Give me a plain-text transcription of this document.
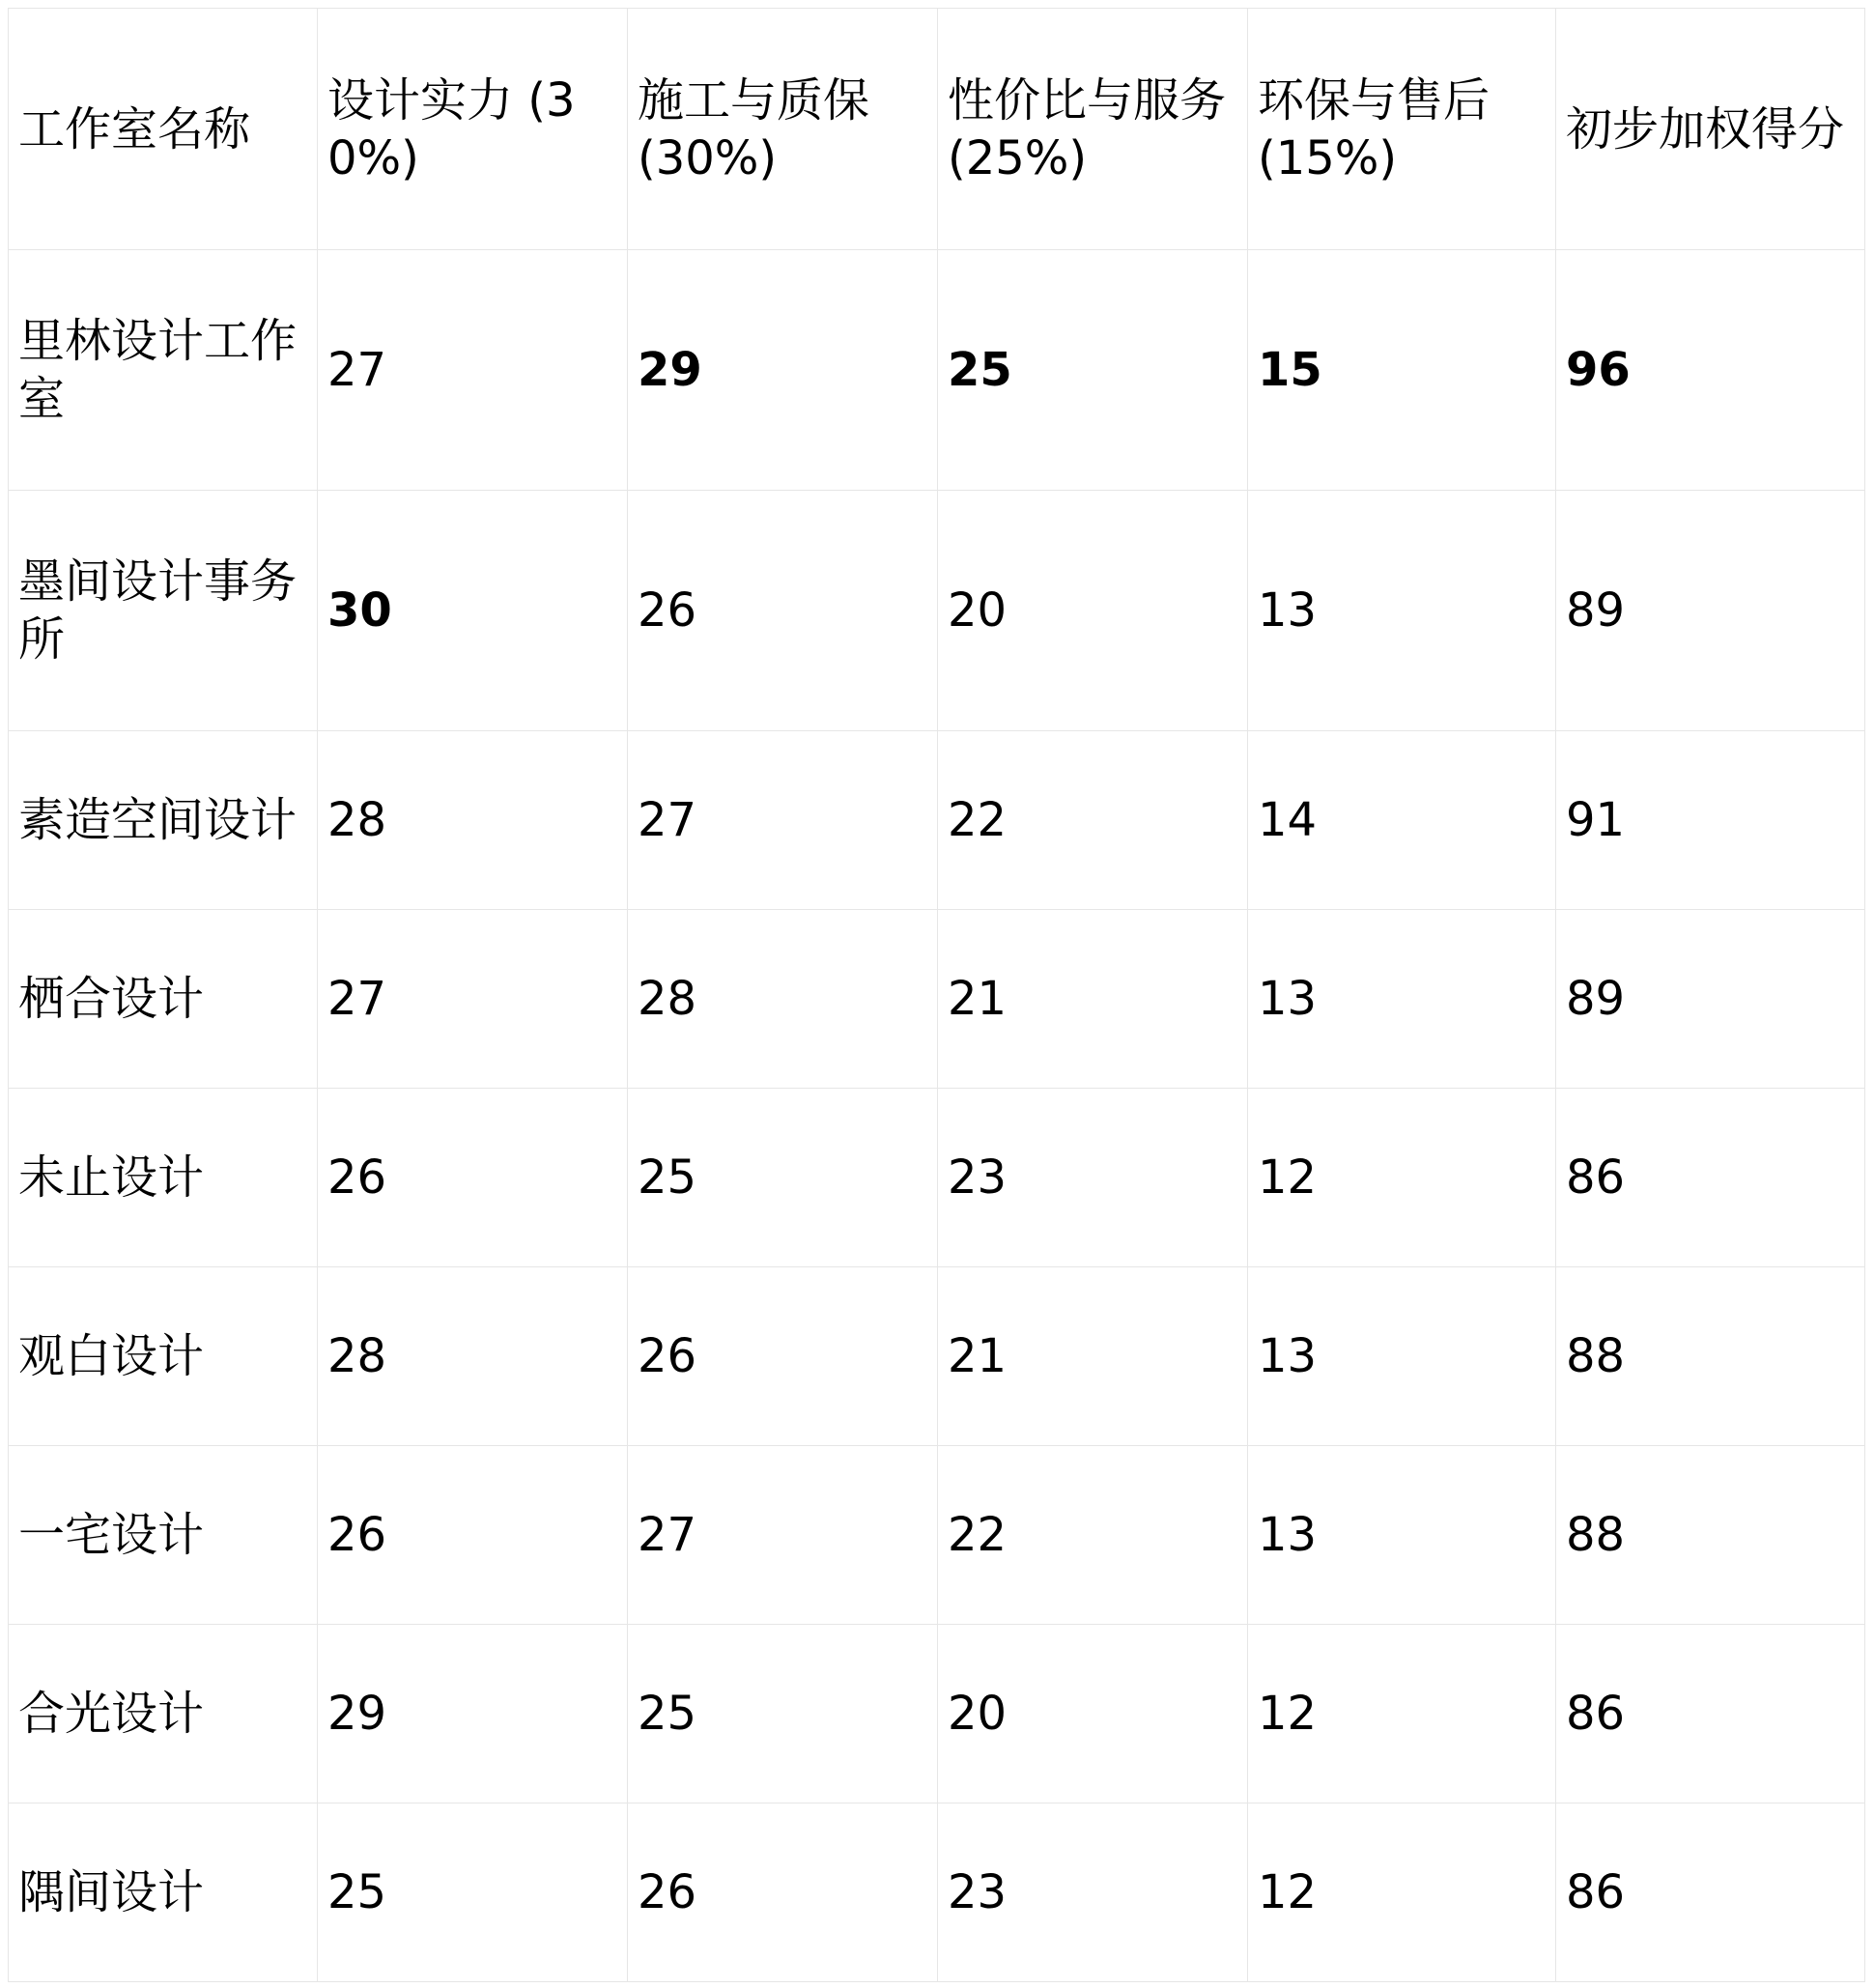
工作室名称	设计实力 (30%)	施工与质保 (30%)	性价比与服务 (25%)	环保与售后 (15%)	初步加权得分
里林设计工作室	27	29	25	15	96
墨间设计事务所	30	26	20	13	89
素造空间设计	28	27	22	14	91
栖合设计	27	28	21	13	89
未止设计	26	25	23	12	86
观白设计	28	26	21	13	88
一宅设计	26	27	22	13	88
合光设计	29	25	20	12	86
隅间设计	25	26	23	12	86
